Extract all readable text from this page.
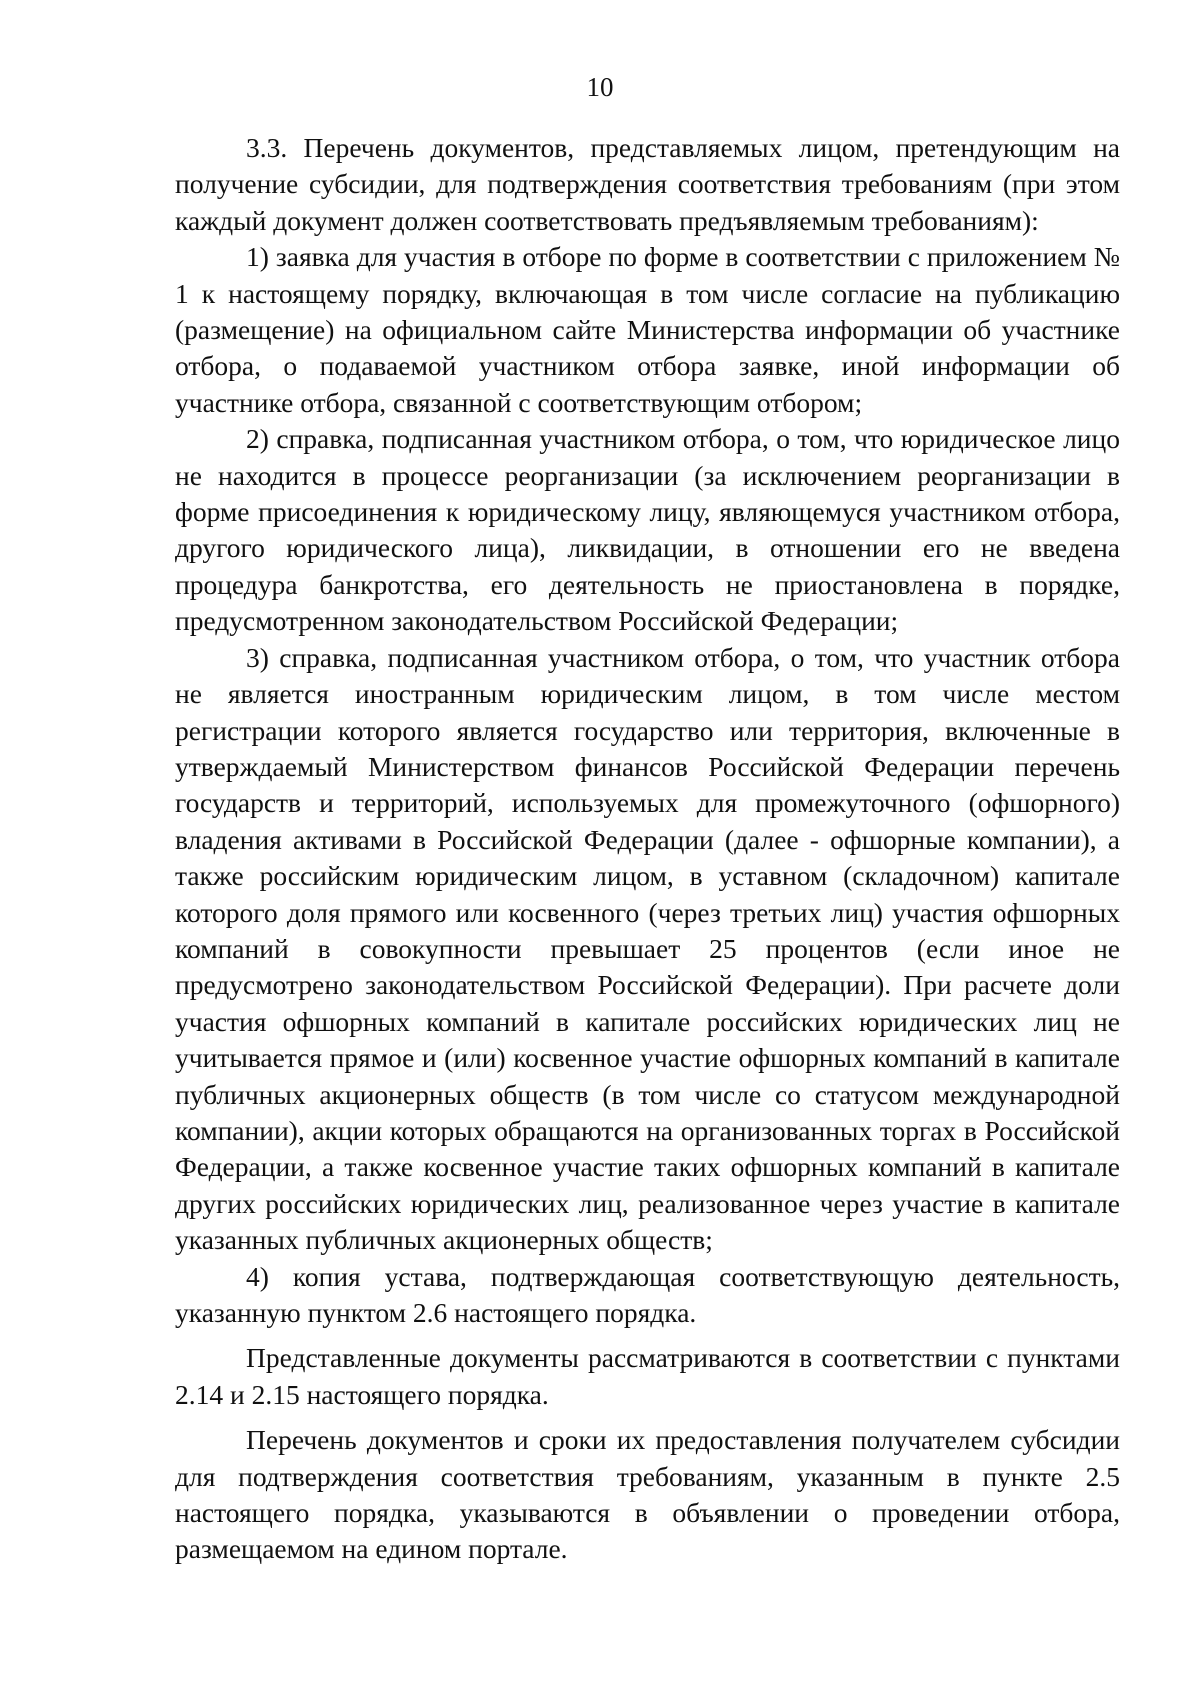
10

3.3. Перечень документов, представляемых лицом, претендующим на получение субсидии, для подтверждения соответствия требованиям (при этом каждый документ должен соответствовать предъявляемым требованиям):

1) заявка для участия в отборе по форме в соответствии с приложением № 1 к настоящему порядку, включающая в том числе согласие на публикацию (размещение) на официальном сайте Министерства информации об участнике отбора, о подаваемой участником отбора заявке, иной информации об участнике отбора, связанной с соответствующим отбором;

2) справка, подписанная участником отбора, о том, что юридическое лицо не находится в процессе реорганизации (за исключением реорганизации в форме присоединения к юридическому лицу, являющемуся участником отбора, другого юридического лица), ликвидации, в отношении его не введена процедура банкротства, его деятельность не приостановлена в порядке, предусмотренном законодательством Российской Федерации;

3) справка, подписанная участником отбора, о том, что участник отбора не является иностранным юридическим лицом, в том числе местом регистрации которого является государство или территория, включенные в утверждаемый Министерством финансов Российской Федерации перечень государств и территорий, используемых для промежуточного (офшорного) владения активами в Российской Федерации (далее - офшорные компании), а также российским юридическим лицом, в уставном (складочном) капитале которого доля прямого или косвенного (через третьих лиц) участия офшорных компаний в совокупности превышает 25 процентов (если иное не предусмотрено законодательством Российской Федерации). При расчете доли участия офшорных компаний в капитале российских юридических лиц не учитывается прямое и (или) косвенное участие офшорных компаний в капитале публичных акционерных обществ (в том числе со статусом международной компании), акции которых обращаются на организованных торгах в Российской Федерации, а также косвенное участие таких офшорных компаний в капитале других российских юридических лиц, реализованное через участие в капитале указанных публичных акционерных обществ;

4) копия устава, подтверждающая соответствующую деятельность, указанную пунктом 2.6 настоящего порядка.

Представленные документы рассматриваются в соответствии с пунктами 2.14 и 2.15 настоящего порядка.

Перечень документов и сроки их предоставления получателем субсидии для подтверждения соответствия требованиям, указанным в пункте 2.5 настоящего порядка, указываются в объявлении о проведении отбора, размещаемом на едином портале.
